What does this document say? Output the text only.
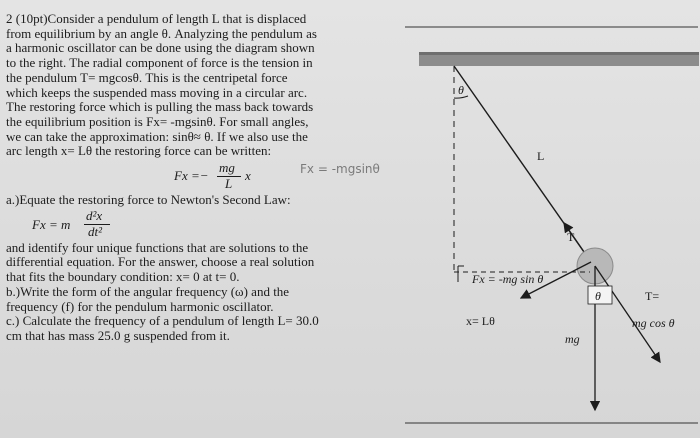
2 (10pt)Consider a pendulum of length L that is displaced

from equilibrium by an angle θ. Analyzing the pendulum as

a harmonic oscillator can be done using the diagram shown

to the right. The radial component of force is the tension in

the pendulum T= mgcosθ. This is the centripetal force

which keeps the suspended mass moving in a circular arc.

The restoring force which is pulling the mass back towards

the equilibrium position is Fx= -mgsinθ. For small angles,

we can take the approximation: sinθ≈ θ. If we also use the

arc length x= Lθ the restoring force can be written:

Fx =−
mg
L
x	Fx = -mgsinθ

a.)Equate the restoring force to Newton's Second Law:

Fx = m
d²x
dt²

and identify four unique functions that are solutions to the

differential equation. For the answer, choose a real solution

that fits the boundary condition: x= 0 at t= 0.

b.)Write the form of the angular frequency (ω) and the

frequency (f) for the pendulum harmonic oscillator.

c.) Calculate the frequency of a pendulum of length L= 30.0

cm that has mass 25.0 g suspended from it.

θ
L
T
Fx = -mg sin θ
mg
θ
x= Lθ
T=
mg cos θ
